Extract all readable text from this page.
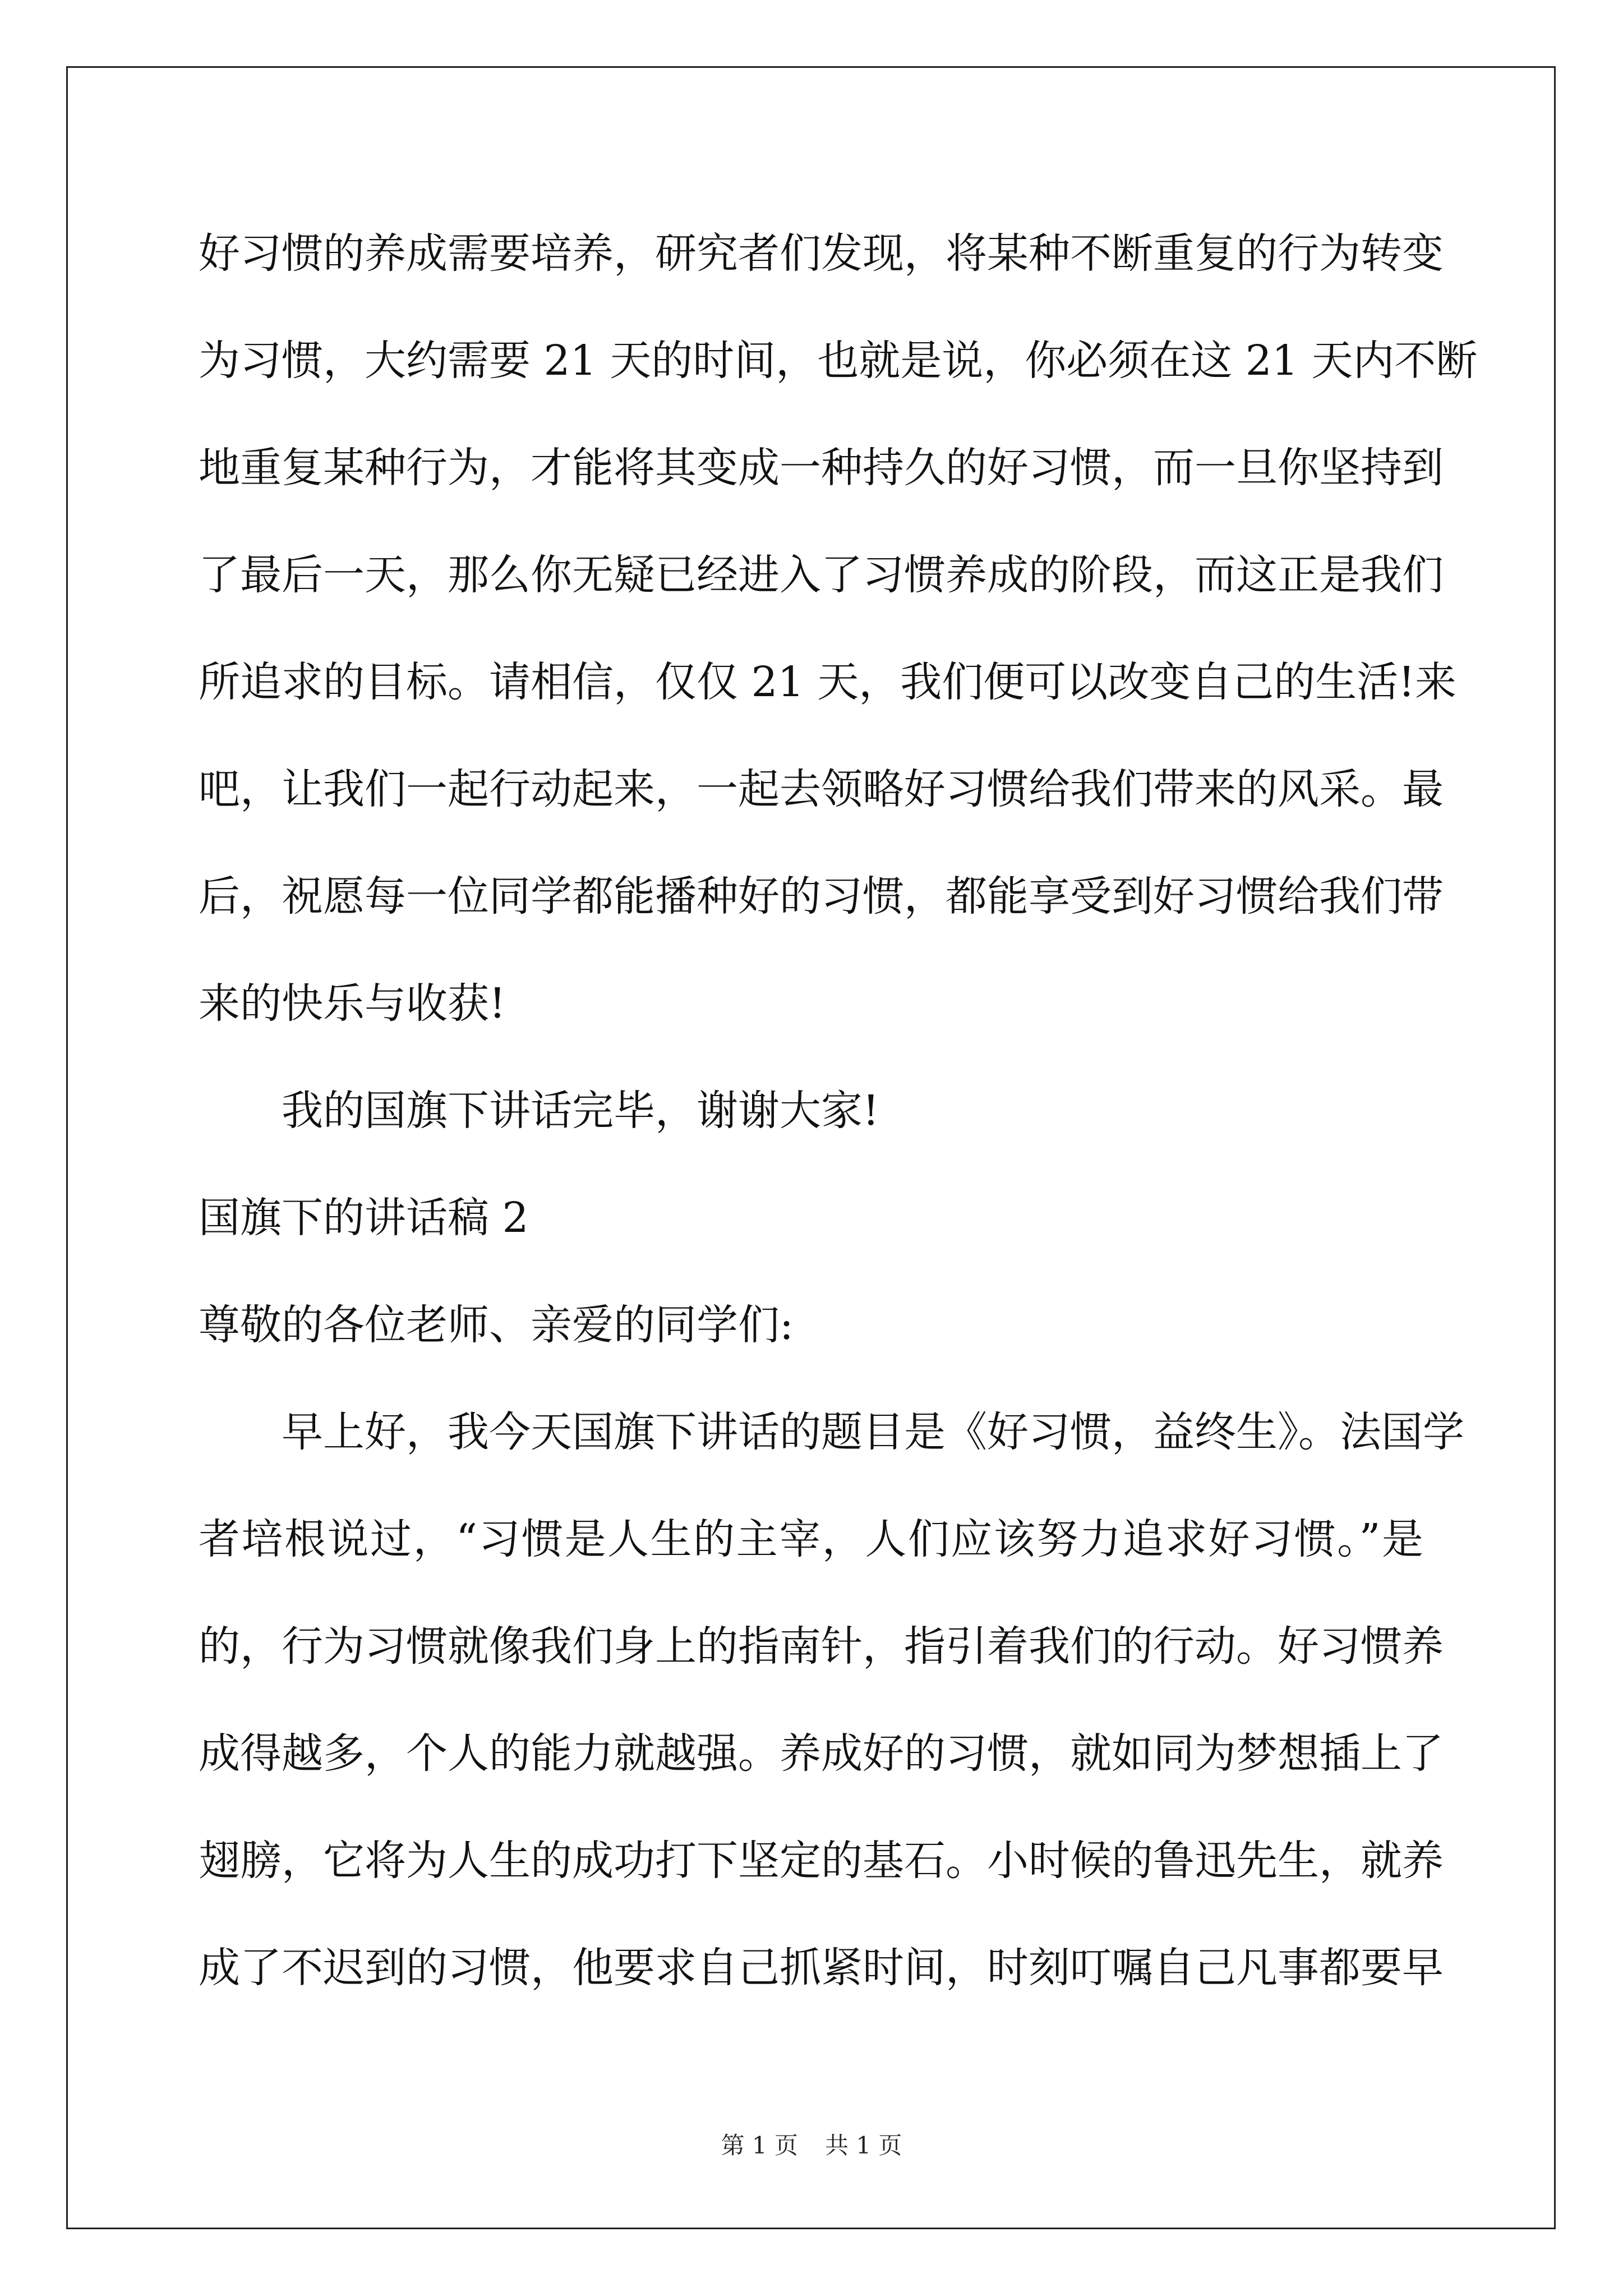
好习惯的养成需要培养，研究者们发现，将某种不断重复的行为转变
为习惯，大约需要 21 天的时间，也就是说，你必须在这 21 天内不断
地重复某种行为，才能将其变成一种持久的好习惯，而一旦你坚持到
了最后一天，那么你无疑已经进入了习惯养成的阶段，而这正是我们
所追求的目标。请相信，仅仅 21 天，我们便可以改变自己的生活!来
吧，让我们一起行动起来，一起去领略好习惯给我们带来的风采。最
后，祝愿每一位同学都能播种好的习惯，都能享受到好习惯给我们带
来的快乐与收获!
我的国旗下讲话完毕，谢谢大家!
国旗下的讲话稿 2
尊敬的各位老师、亲爱的同学们:
早上好，我今天国旗下讲话的题目是《好习惯，益终生》。法国学
者培根说过，“习惯是人生的主宰，人们应该努力追求好习惯。”是
的，行为习惯就像我们身上的指南针，指引着我们的行动。好习惯养
成得越多，个人的能力就越强。养成好的习惯，就如同为梦想插上了
翅膀，它将为人生的成功打下坚定的基石。小时候的鲁迅先生，就养
成了不迟到的习惯，他要求自己抓紧时间，时刻叮嘱自己凡事都要早
第 1 页 共 1 页
